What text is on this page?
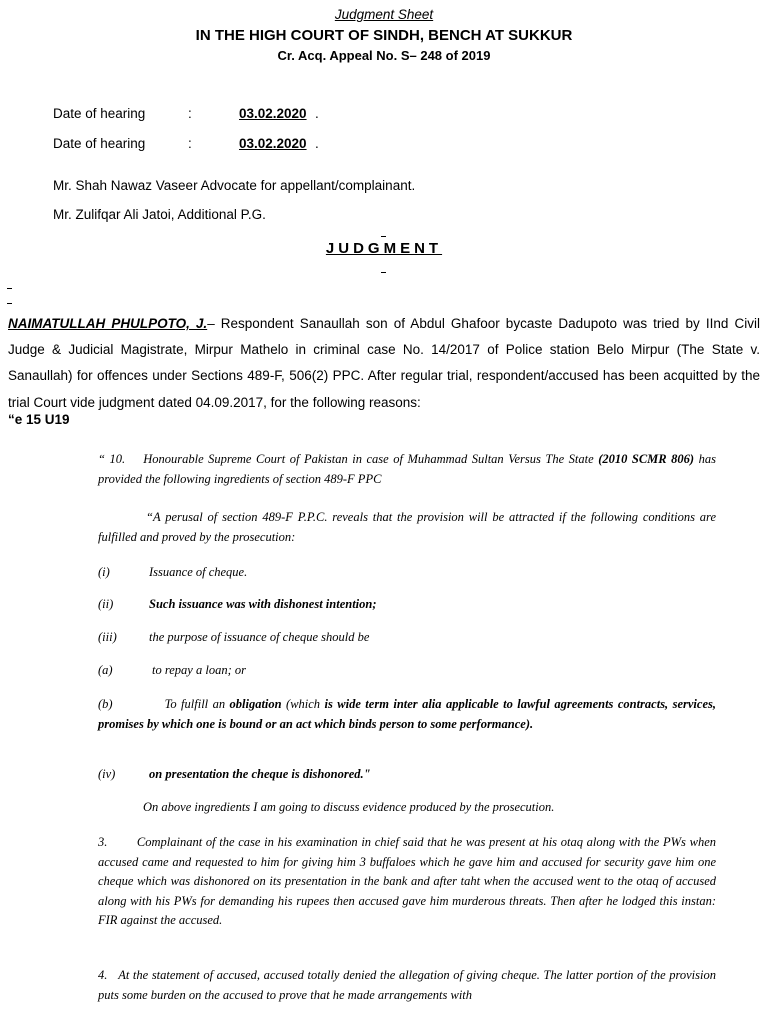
Judgment Sheet
IN THE HIGH COURT OF SINDH, BENCH AT SUKKUR
Cr. Acq. Appeal No. S– 248 of 2019
Date of hearing	:	03.02.2020 .
Date of hearing	:	03.02.2020 .
Mr. Shah Nawaz Vaseer Advocate for appellant/complainant.
Mr. Zulifqar Ali Jatoi, Additional P.G.
JUDGMENT
NAIMATULLAH PHULPOTO, J.– Respondent Sanaullah son of Abdul Ghafoor bycaste Dadupoto was tried by IInd Civil Judge & Judicial Magistrate, Mirpur Mathelo in criminal case No. 14/2017 of Police station Belo Mirpur (The State v. Sanaullah) for offences under Sections 489-F, 506(2) PPC. After regular trial, respondent/accused has been acquitted by the trial Court vide judgment dated 04.09.2017, for the following reasons:
“e 15 U19
“ 10.    Honourable Supreme Court of Pakistan in case of Muhammad Sultan Versus The State (2010 SCMR 806) has provided the following ingredients of section 489-F PPC
“A perusal of section 489-F P.P.C. reveals that the provision will be attracted if the following conditions are fulfilled and proved by the prosecution:
(i)	Issuance of cheque.
(ii)	Such issuance was with dishonest intention;
(iii)	the purpose of issuance of cheque should be
(a)	to repay a loan; or
(b)	To fulfill an obligation (which is wide term inter alia applicable to lawful agreements contracts, services, promises by which one is bound or an act which binds person to some performance).
(iv)	on presentation the cheque is dishonored."
On above ingredients I am going to discuss evidence produced by the prosecution.
3.        Complainant of the case in his examination in chief said that he was present at his otaq along with the PWs when accused came and requested to him for giving him 3 buffaloes which he gave him and accused for security gave him one cheque which was dishonored on its presentation in the bank and after taht when the accused went to the otaq of accused along with his PWs for demanding his rupees then accused gave him murderous threats. Then after he lodged this instan: FIR against the accused.
4.   At the statement of accused, accused totally denied the allegation of giving cheque. The latter portion of the provision puts some burden on the accused to prove that he made arrangements with
